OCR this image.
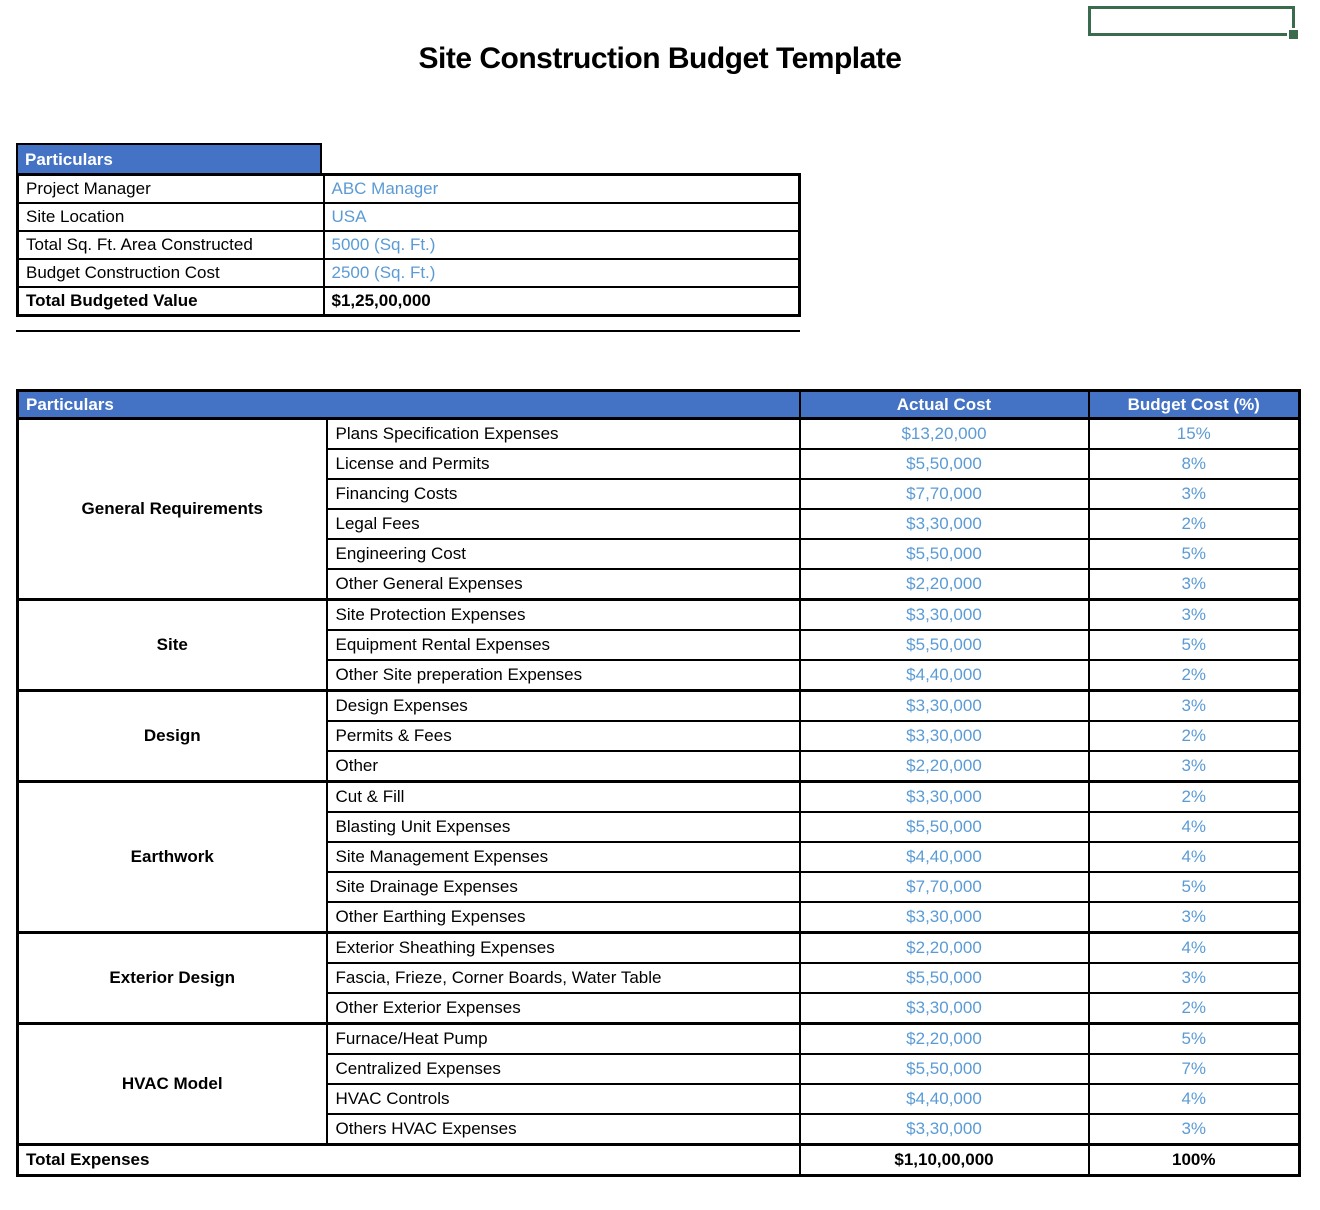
Site Construction Budget Template
Particulars
Project Manager	ABC Manager
Site Location	USA
Total Sq. Ft. Area Constructed	5000 (Sq. Ft.)
Budget Construction Cost	2500 (Sq. Ft.)
Total Budgeted Value	$1,25,00,000
Particulars		Actual Cost	Budget Cost (%)
General Requirements	Plans Specification Expenses	$13,20,000	15%
	License and Permits	$5,50,000	8%
	Financing Costs	$7,70,000	3%
	Legal Fees	$3,30,000	2%
	Engineering Cost	$5,50,000	5%
	Other General Expenses	$2,20,000	3%
Site	Site Protection Expenses	$3,30,000	3%
	Equipment Rental Expenses	$5,50,000	5%
	Other Site preperation Expenses	$4,40,000	2%
Design	Design Expenses	$3,30,000	3%
	Permits & Fees	$3,30,000	2%
	Other	$2,20,000	3%
Earthwork	Cut & Fill	$3,30,000	2%
	Blasting Unit Expenses	$5,50,000	4%
	Site Management Expenses	$4,40,000	4%
	Site Drainage Expenses	$7,70,000	5%
	Other Earthing Expenses	$3,30,000	3%
Exterior Design	Exterior Sheathing Expenses	$2,20,000	4%
	Fascia, Frieze, Corner Boards, Water Table	$5,50,000	3%
	Other Exterior Expenses	$3,30,000	2%
HVAC Model	Furnace/Heat Pump	$2,20,000	5%
	Centralized Expenses	$5,50,000	7%
	HVAC Controls	$4,40,000	4%
	Others HVAC Expenses	$3,30,000	3%
Total Expenses		$1,10,00,000	100%
